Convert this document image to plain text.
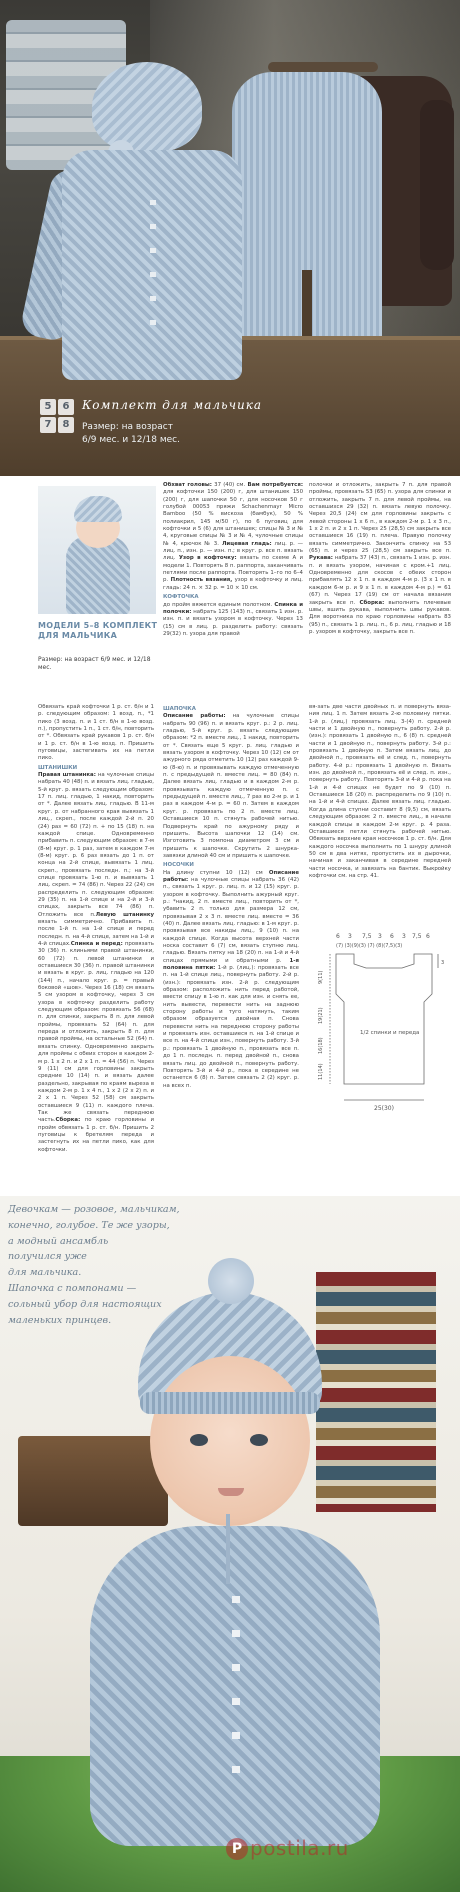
5	6
7	8
Комплект для мальчика
Размер: на возраст
6/9 мес. и 12/18 мес.
МОДЕЛИ 5–8 КОМПЛЕКТ ДЛЯ МАЛЬЧИКА
Размер: на возраст 6/9 мес. и 12/18 мес.
Обхват головы: 37 (40) см. Вам потребуется: для кофточки 150 (200) г, для штанишек 150 (200) г, для шапочки 50 г, для носочков 50 г голубой 00053 пряжи Schachenmayr Micro Bamboo (50 % вискоза (бамбук), 50 % полиакрил, 145 м/50 г), по 6 пуговиц для кофточки и 5 (6) для штанишек; спицы № 3 и № 4, круговые спицы № 3 и № 4, чулочные спицы № 4, крючок № 3. Лицевая гладь: лиц. р. — лиц. п., изн. р. — изн. п.; в круг. р. все п. вязать лиц. Узор в кофточку: вязать по схеме А и модели 1. Повторять 8 п. раппорта, заканчивать петлями после раппорта. Повторять 1–го по 6–4 р. Плотность вязания, узор в кофточку и лиц. гладь: 24 п. × 32 р. = 10 × 10 см.
КОФТОЧКА
до пройм вяжется единым полотном. Спинка и полочки: набрать 125 (143) п., связать 1 изн. р. изн. п. и вязать узором в кофточку. Через 13 (15) см в лиц. р. разделить работу: связать 29(32) п. узора для правой
полочки и отложить, закрыть 7 п. для правой проймы, провязать 53 (65) п. узора для спинки и отложить, закрыть 7 п. для левой проймы, на оставшихся 29 (32) п. вязать левую полочку. Через 20,5 (24) см для горловины закрыть с левой стороны 1 х 6 п., в каждом 2-м р. 1 х 3 п., 1 х 2 п. и 2 х 1 п. Через 25 (28,5) см закрыть все оставшиеся 16 (19) п. плеча. Правую полочку вязать симметрично. Закончить спинку на 53 (65) п. и через 25 (28,5) см закрыть все п. Рукава: набрать 37 (43) п., связать 1 изн. р. изн. п. и вязать узором, начиная с кром.+1 лиц. Одновременно для скосов с обеих сторон прибавлять 12 х 1 п. в каждом 4-м р. (3 х 1 п. в каждом 6-м р. и 9 х 1 п. в каждом 4-м р.) = 61 (67) п. Через 17 (19) см от начала вязания закрыть все п. Сборка: выполнить плечевые швы, вшить рукава, выполнить швы рукавов. Для воротника по краю горловины набрать 83 (95) п., связать 1 р. лиц. п., 6 р. лиц. гладью и 18 р. узором в кофточку, закрыть все п.
Обвязать край кофточки 1 р. ст. б/н и 1 р. следующим образом: 1 возд. п., *1 пико (3 возд. п. и 1 ст. б/н в 1-ю возд. п.), пропустить 1 п., 1 ст. б/н, повторить от *. Обвязать край рукавов 1 р. ст. б/н и 1 р. ст. б/н в 1-ю возд. п. Пришить пуговицы, застегивать их на петли пико.
ШТАНИШКИ
Правая штанинка: на чулочные спицы набрать 40 (48) п. и вязать лиц. гладью, 5-й круг. р. вязать следующим образом: 17 п. лиц. гладью, 1 накид, повторить от *. Далее вязать лиц. гладью. В 11-м круг. р. от набранного края вывязать 1 лиц., скреп., после каждой 2-й п. 20 (24) раз = 60 (72) п. + по 15 (18) п. на каждой спице. Одновременно прибавить п. следующим образом: в 7-м (8-м) круг. р. 1 раз, затем в каждом 7-м (8-м) круг. р. 6 раз вязать до 1 п. от конца на 2-й спице, вывязать 1 лиц. скреп., провязать последн. п.; на 3-й спице провязать 1-ю п. и вывязать 1 лиц. скреп. = 74 (86) п. Через 22 (24) см распределить п. следующим образом: 29 (35) п. на 1-й спице и на 2-й и 3-й спицах, закрыть все 74 (86) п. Отложить все п.Левую штанинку вязать симметрично. Прибавить п. после 1-й п. на 1-й спице и перед последн. п. на 4-й спице, затем на 1-й и 4-й спицах.Спинка и перед: провязать 30 (36) п. клиньями правой штанинки, 60 (72) п. левой штанинки и оставшиеся 30 (36) п. правой штанинки и вязать в круг. р. лиц. гладью на 120 (144) п., начало круг. р. = правый боковой «шов». Через 16 (18) см вязать 5 см узором в кофточку, через 3 см узора в кофточку разделить работу следующим образом: провязать 56 (68) п. для спинки, закрыть 8 п. для левой проймы, провязать 52 (64) п. для переда и отложить, закрыть 8 п. для правой проймы, на остальные 52 (64) п. вязать спинку. Одновременно закрыть для проймы с обеих сторон в каждом 2-м р. 1 х 2 п. и 2 х 1 п. = 44 (56) п. Через 9 (11) см для горловины закрыть средние 10 (14) п. и вязать далее раздельно, закрывая по краям выреза в каждом 2-м р. 1 х 4 п., 1 х 2 (2 х 2) п. и 2 х 1 п. Через 52 (58) см закрыть оставшиеся 9 (11) п. каждого плеча. Так же связать переднюю часть.Сборка: по краю горловины и пройм обвязать 1 р. ст. б/н. Пришить 2 пуговицы к бретелям переда и застегнуть их на петли пико, как для кофточки.
ШАПОЧКА
Описание работы: на чулочные спицы набрать 90 (96) п. и вязать круг. р.: 2 р. лиц. гладью, 5-й круг. р. вязать следующим образом: *2 п. вместе лиц., 1 накид, повторить от *. Связать еще 5 круг. р. лиц. гладью и вязать узором в кофточку. Через 10 (12) см от ажурного ряда отметить 10 (12) раз каждой 9-ю (8-ю) п. и провязывать каждую отмеченную п. с предыдущей п. вместе лиц. = 80 (84) п. Далее вязать лиц. гладью и в каждом 2-м р. провязывать каждую отмеченную п. с предыдущей п. вместе лиц., 7 раз во 2-м р. и 1 раз в каждом 4-м р. = 60 п. Затем в каждом круг. р. провязать по 2 п. вместе лиц. Оставшиеся 10 п. стянуть рабочей нитью. Подвернуть край по ажурному ряду и пришить. Высота шапочки 12 (14) см. Изготовить 3 помпона диаметром 3 см и пришить к шапочке. Скрутить 2 шнурка-завязки длиной 40 см и пришить к шапочке.
НОСОЧКИ
На длину ступни 10 (12) см Описание работы: на чулочные спицы набрать 36 (42) п., связать 1 круг. р. лиц. п. и 12 (15) круг. р. узором в кофточку. Выполнить ажурный круг. р.: *накид, 2 п. вместе лиц., повторить от *, убавить 2 п. только для размера 12 см, провязывая 2 х 3 п. вместе лиц. вместе = 36 (40) п. Далее вязать лиц. гладью: в 1-м круг. р. провязывая все накиды лиц., 9 (10) п. на каждой спице. Когда высота верхней части носка составит 6 (7) см, вязать ступню лиц. гладью. Вязать пятку на 18 (20) п. на 1-й и 4-й спицах прямыми и обратными р. 1-я половина пятки: 1-й р. (лиц.): провязать все п. на 1-й спице лиц., повернуть работу. 2-й р. (изн.): провязать изн. 2-й р. следующим образом: расположить нить перед работой, ввести спицу в 1-ю п. как для изн. и снять ее, нить вывести, перевести нить на заднюю сторону работы и туго натянуть, таким образом образуется двойная п. Снова перевести нить на переднюю сторону работы и провязать изн. оставшиеся п. на 1-й спице и все п. на 4-й спице изн., повернуть работу. 3-й р.: провязать 1 двойную п., провязать все п. до 1 п. последн. п. перед двойной п., снова вязать лиц. до двойной п., повернуть работу. Повторять 3-й и 4-й р., пока в середине не останется 6 (8) п. Затем связать 2 (2) круг. р. на всех п.
вя-зать две части двойных п. и повернуть вяза-ния лиц. 1 п. Затем вязать 2-ю половину пятки. 1-й р. (лиц.) провязать лиц. 3-(4) п. средней части и 1 двойную п., повернуть работу. 2-й р. (изн.): провязать 1 двойную п., 6 (8) п. средней части и 1 двойную п., повернуть работу. 3-й р.: провязать 1 двойную п. Затем вязать лиц. до двойной п., провязать её и след. п., повернуть работу. 4-й р.: провязать 1 двойную п. Вязать изн. до двойной п., провязать её и след. п. изн., повернуть работу. Повторять 3-й и 4-й р. пока на 1-й и 4-й спицах не будет по 9 (10) п. Оставшиеся 18 (20) п. распределить по 9 (10) п. на 1-й и 4-й спицах. Далее вязать лиц. гладью. Когда длина ступни составит 8 (9,5) см, вязать следующим образом: 2 п. вместе лиц., в начале каждой спицы в каждом 2-м круг. р. 4 раза. Оставшиеся петли стянуть рабочей нитью. Обвязать верхние края носочков 1 р. ст. б/н. Для каждого носочка выполнить по 1 шнуру длиной 50 см в два нитях, пропустить их в дырочки, начиная и заканчивая в середине передней части носочка, и завязать на бантик. Выкройку кофточки см. на стр. 41.
6 3 7,5 3 6 3 7,5 6
(7) (3)(9)(3) (7) (8)(7,5)(3)
9(11)
19(21)
16(18)
11(14)
1/2 спинки и переда
25(30)
3
Девочкам — розовое, мальчикам,
конечно, голубое. Те же узоры,
а модный ансамбль
получился уже
для мальчика.
Шапочка с помпонами —
сольный убор для настоящих
маленьких принцев.
P postila.ru
